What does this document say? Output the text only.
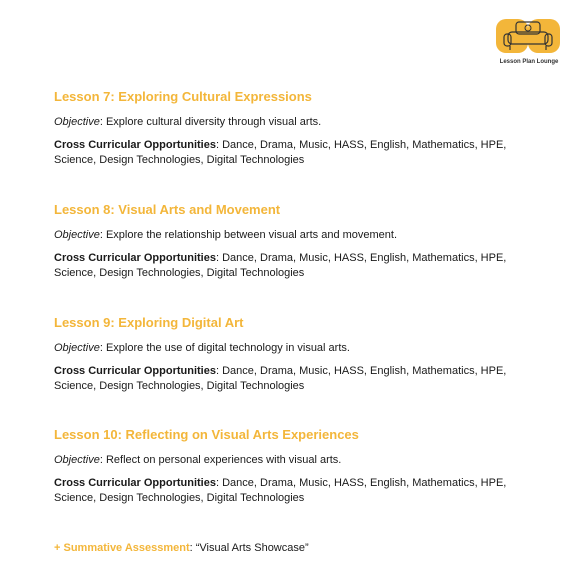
Lesson Plan Lounge

Lesson 7: Exploring Cultural Expressions

Objective: Explore cultural diversity through visual arts.

Cross Curricular Opportunities: Dance, Drama, Music, HASS, English, Mathematics, HPE, Science, Design Technologies, Digital Technologies

Lesson 8: Visual Arts and Movement

Objective: Explore the relationship between visual arts and movement.

Cross Curricular Opportunities: Dance, Drama, Music, HASS, English, Mathematics, HPE, Science, Design Technologies, Digital Technologies

Lesson 9: Exploring Digital Art

Objective: Explore the use of digital technology in visual arts.

Cross Curricular Opportunities: Dance, Drama, Music, HASS, English, Mathematics, HPE, Science, Design Technologies, Digital Technologies

Lesson 10: Reflecting on Visual Arts Experiences

Objective: Reflect on personal experiences with visual arts.

Cross Curricular Opportunities: Dance, Drama, Music, HASS, English, Mathematics, HPE, Science, Design Technologies, Digital Technologies

+ Summative Assessment: “Visual Arts Showcase”
